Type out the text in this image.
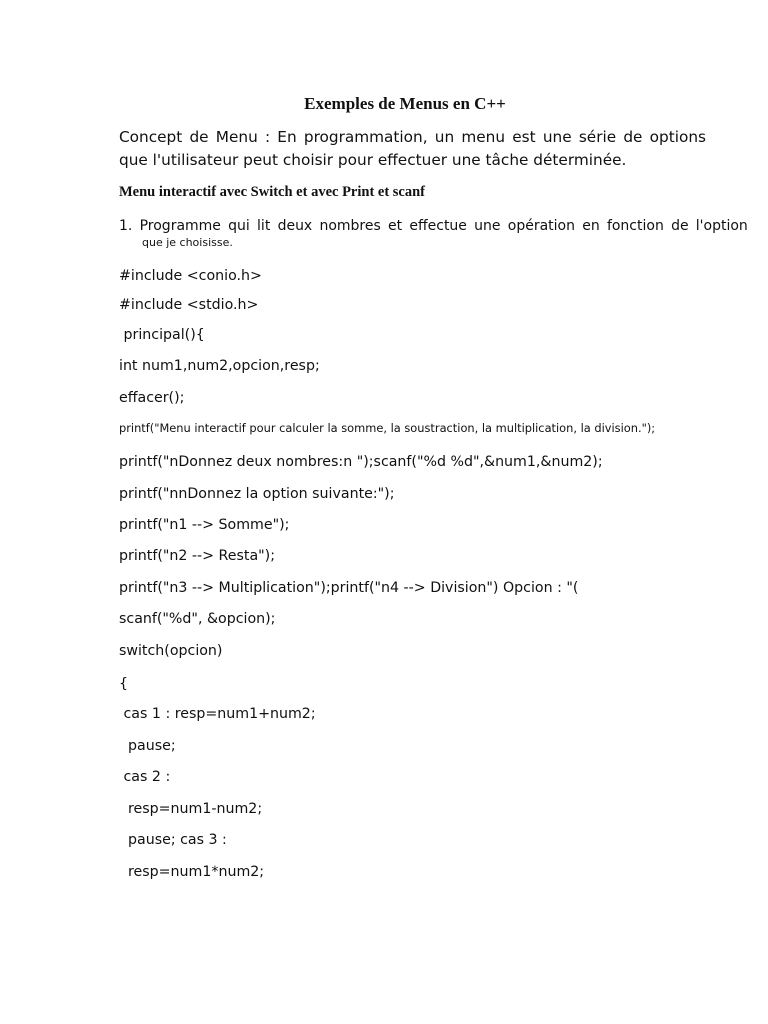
Exemples de Menus en C++
Concept de Menu : En programmation, un menu est une série de options que l'utilisateur peut choisir pour effectuer une tâche déterminée.
Menu interactif avec Switch et avec Print et scanf
1. Programme qui lit deux nombres et effectue une opération en fonction de l'option
que je choisisse.
#include <conio.h>
#include <stdio.h>
principal(){
int num1,num2,opcion,resp;
effacer();
printf("Menu interactif pour calculer la somme, la soustraction, la multiplication, la division.");
printf("nDonnez deux nombres:n ");scanf("%d %d",&num1,&num2);
printf("nnDonnez la option suivante:");
printf("n1 --> Somme");
printf("n2 --> Resta");
printf("n3 --> Multiplication");printf("n4 --> Division") Opcion : "(
scanf("%d", &opcion);
switch(opcion)
{
cas 1 : resp=num1+num2;
pause;
cas 2 :
resp=num1-num2;
pause; cas 3 :
resp=num1*num2;
